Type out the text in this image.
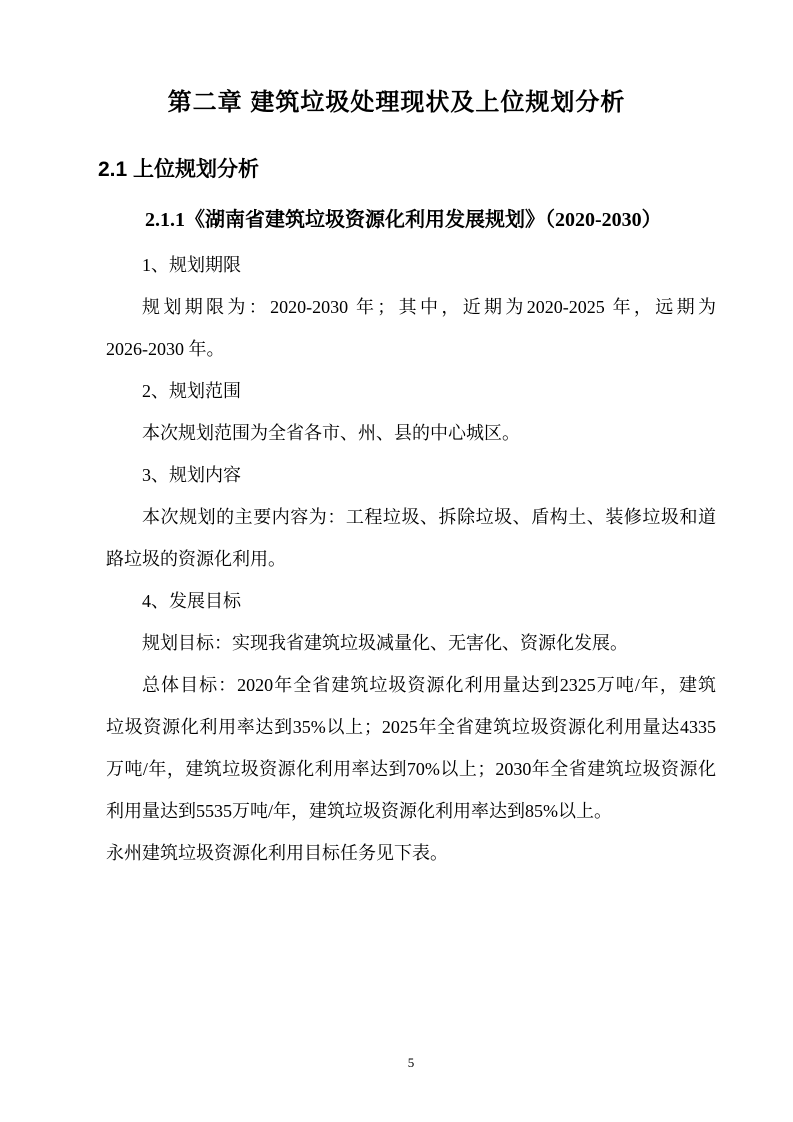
第二章 建筑垃圾处理现状及上位规划分析
2.1 上位规划分析
2.1.1《湖南省建筑垃圾资源化利用发展规划》（2020-2030）

1、规划期限

规划期限为：2020-2030 年；其中，近期为2020-2025 年，远期为

2026-2030 年。

2、规划范围

本次规划范围为全省各市、州、县的中心城区。

3、规划内容

本次规划的主要内容为：工程垃圾、拆除垃圾、盾构土、装修垃圾和道

路垃圾的资源化利用。

4、发展目标

规划目标：实现我省建筑垃圾减量化、无害化、资源化发展。

总体目标：2020年全省建筑垃圾资源化利用量达到2325万吨/年，建筑

垃圾资源化利用率达到35%以上；2025年全省建筑垃圾资源化利用量达4335

万吨/年，建筑垃圾资源化利用率达到70%以上；2030年全省建筑垃圾资源化

利用量达到5535万吨/年，建筑垃圾资源化利用率达到85%以上。

永州建筑垃圾资源化利用目标任务见下表。

5
